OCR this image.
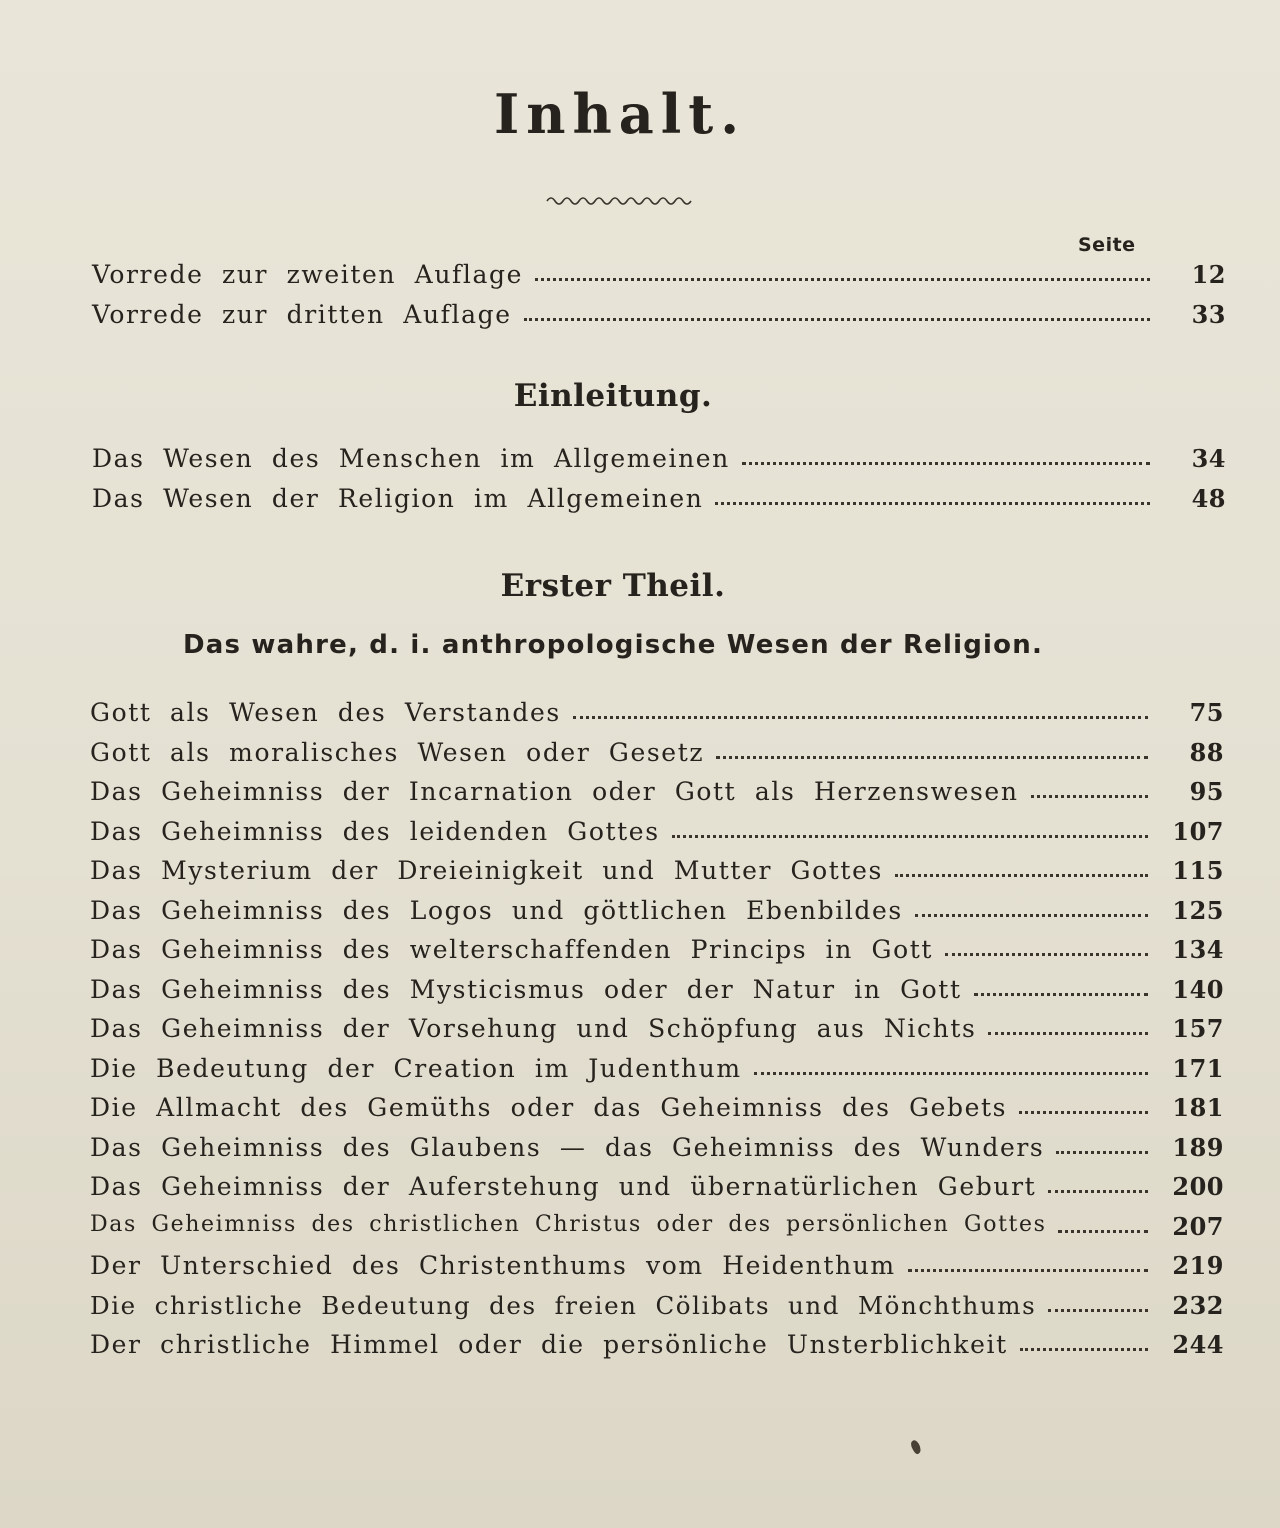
Inhalt.
Seite
Vorrede zur zweiten Auflage	12
Vorrede zur dritten Auflage	33
Einleitung.
Das Wesen des Menschen im Allgemeinen	34
Das Wesen der Religion im Allgemeinen	48
Erster Theil.
Das wahre, d. i. anthropologische Wesen der Religion.
Gott als Wesen des Verstandes	75
Gott als moralisches Wesen oder Gesetz	88
Das Geheimniss der Incarnation oder Gott als Herzenswesen	95
Das Geheimniss des leidenden Gottes	107
Das Mysterium der Dreieinigkeit und Mutter Gottes	115
Das Geheimniss des Logos und göttlichen Ebenbildes	125
Das Geheimniss des welterschaffenden Princips in Gott	134
Das Geheimniss des Mysticismus oder der Natur in Gott	140
Das Geheimniss der Vorsehung und Schöpfung aus Nichts	157
Die Bedeutung der Creation im Judenthum	171
Die Allmacht des Gemüths oder das Geheimniss des Gebets	181
Das Geheimniss des Glaubens — das Geheimniss des Wunders	189
Das Geheimniss der Auferstehung und übernatürlichen Geburt	200
Das Geheimniss des christlichen Christus oder des persönlichen Gottes	207
Der Unterschied des Christenthums vom Heidenthum	219
Die christliche Bedeutung des freien Cölibats und Mönchthums	232
Der christliche Himmel oder die persönliche Unsterblichkeit	244
